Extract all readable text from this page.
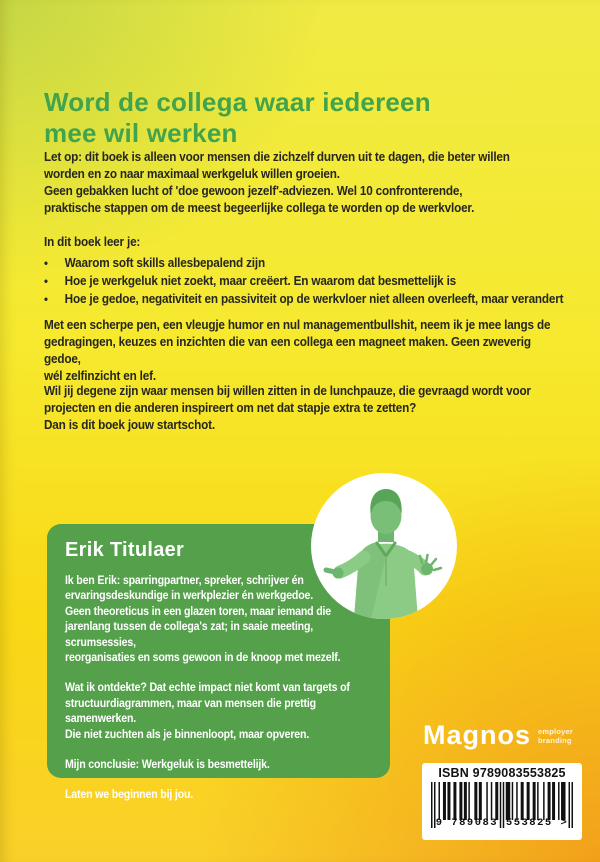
Word de collega waar iedereen
mee wil werken
Let op: dit boek is alleen voor mensen die zichzelf durven uit te dagen, die beter willen
worden en zo naar maximaal werkgeluk willen groeien.
Geen gebakken lucht of 'doe gewoon jezelf'-adviezen. Wel 10 confronterende,
praktische stappen om de meest begeerlijke collega te worden op de werkvloer.
In dit boek leer je:
•	Waarom soft skills allesbepalend zijn
•	Hoe je werkgeluk niet zoekt, maar creëert. En waarom dat besmettelijk is
•	Hoe je gedoe, negativiteit en passiviteit op de werkvloer niet alleen overleeft, maar verandert
Met een scherpe pen, een vleugje humor en nul managementbullshit, neem ik je mee langs de
gedragingen, keuzes en inzichten die van een collega een magneet maken. Geen zweverig gedoe,
wél zelfinzicht en lef.
Wil jij degene zijn waar mensen bij willen zitten in de lunchpauze, die gevraagd wordt voor
projecten en die anderen inspireert om net dat stapje extra te zetten?
Dan is dit boek jouw startschot.
Erik Titulaer

Ik ben Erik: sparringpartner, spreker, schrijver én
ervaringsdeskundige in werkplezier én werkgedoe.
Geen theoreticus in een glazen toren, maar iemand die
jarenlang tussen de collega's zat; in saaie meeting, scrumsessies,
reorganisaties en soms gewoon in de knoop met mezelf.

Wat ik ontdekte? Dat echte impact niet komt van targets of
structuurdiagrammen, maar van mensen die prettig samenwerken.
Die niet zuchten als je binnenloopt, maar opveren.

Mijn conclusie: Werkgeluk is besmettelijk.

Laten we beginnen bij jou.

Magnos employer
branding
ISBN 9789083553825
9 789083 553825 >
